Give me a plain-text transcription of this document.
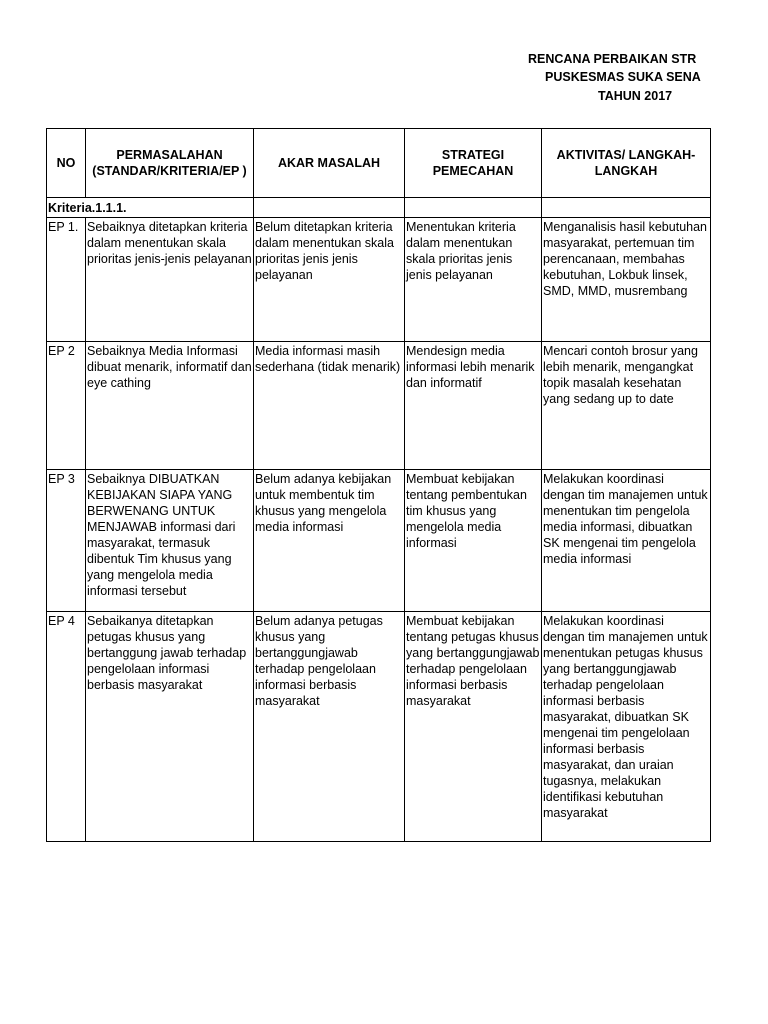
RENCANA PERBAIKAN STR
PUSKESMAS SUKA SENA
TAHUN 2017
NO	PERMASALAHAN (STANDAR/KRITERIA/EP )	AKAR MASALAH	STRATEGI PEMECAHAN	AKTIVITAS/ LANGKAH-LANGKAH
Kriteria.1.1.1.				
EP 1.	Sebaiknya ditetapkan kriteria dalam menentukan skala prioritas jenis-jenis pelayanan	Belum ditetapkan kriteria dalam menentukan skala prioritas jenis jenis pelayanan	Menentukan kriteria dalam menentukan skala prioritas jenis jenis pelayanan	Menganalisis hasil kebutuhan masyarakat, pertemuan tim perencanaan, membahas kebutuhan, Lokbuk linsek, SMD, MMD, musrembang
EP 2	Sebaiknya Media Informasi dibuat menarik, informatif dan eye cathing	Media informasi masih sederhana (tidak menarik)	Mendesign media informasi lebih menarik dan informatif	Mencari contoh brosur yang lebih menarik, mengangkat topik masalah kesehatan yang sedang up to date
EP 3	Sebaiknya DIBUATKAN KEBIJAKAN SIAPA YANG BERWENANG UNTUK MENJAWAB informasi dari masyarakat, termasuk dibentuk Tim khusus yang yang mengelola media informasi tersebut	Belum adanya kebijakan untuk membentuk tim khusus yang mengelola media informasi	Membuat kebijakan tentang pembentukan tim khusus yang mengelola media informasi	Melakukan koordinasi dengan tim manajemen untuk menentukan tim pengelola media informasi, dibuatkan SK mengenai tim pengelola media informasi
EP 4	Sebaikanya ditetapkan petugas khusus yang bertanggung jawab terhadap pengelolaan informasi berbasis masyarakat	Belum adanya petugas khusus yang bertanggungjawab terhadap pengelolaan informasi berbasis masyarakat	Membuat kebijakan tentang petugas khusus yang bertanggungjawab terhadap pengelolaan informasi berbasis masyarakat	Melakukan koordinasi dengan tim manajemen untuk menentukan petugas khusus yang bertanggungjawab terhadap pengelolaan informasi berbasis masyarakat, dibuatkan SK mengenai tim pengelolaan informasi berbasis masyarakat, dan uraian tugasnya, melakukan identifikasi kebutuhan masyarakat
